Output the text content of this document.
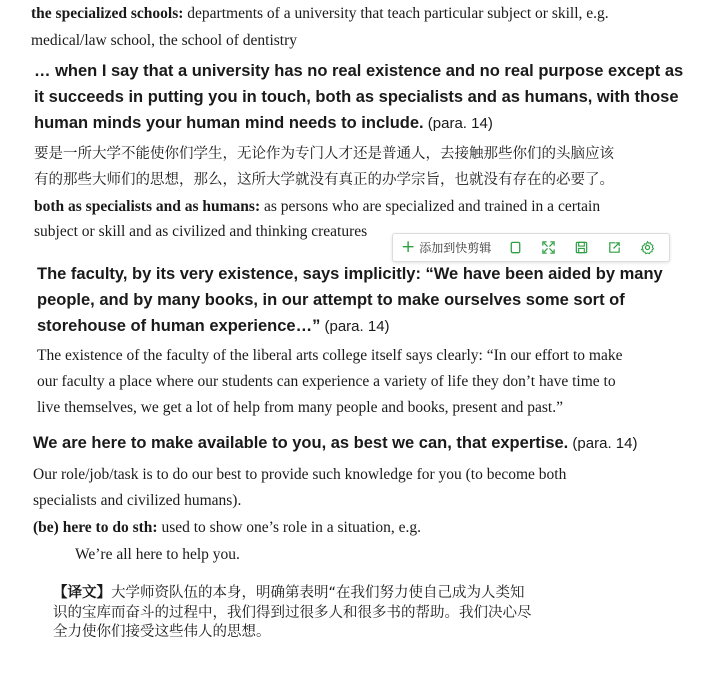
the specialized schools: departments of a university that teach particular subject or skill, e.g.
medical/law school, the school of dentistry
… when I say that a university has no real existence and no real purpose except as
it succeeds in putting you in touch, both as specialists and as humans, with those
human minds your human mind needs to include. (para. 14)
要是一所大学不能使你们学生，无论作为专门人才还是普通人，去接触那些你们的头脑应该
有的那些大师们的思想，那么，这所大学就没有真正的办学宗旨，也就没有存在的必要了。
both as specialists and as humans: as persons who are specialized and trained in a certain
subject or skill and as civilized and thinking creatures
+ 添加到快剪辑
The faculty, by its very existence, says implicitly: “We have been aided by many
people, and by many books, in our attempt to make ourselves some sort of
storehouse of human experience…” (para. 14)
The existence of the faculty of the liberal arts college itself says clearly: “In our effort to make
our faculty a place where our students can experience a variety of life they don’t have time to
live themselves, we get a lot of help from many people and books, present and past.”
We are here to make available to you, as best we can, that expertise. (para. 14)
Our role/job/task is to do our best to provide such knowledge for you (to become both
specialists and civilized humans).
(be) here to do sth: used to show one’s role in a situation, e.g.
We’re all here to help you.
【译文】大学师资队伍的本身，明确第表明“在我们努力使自己成为人类知
识的宝库而奋斗的过程中，我们得到过很多人和很多书的帮助。我们决心尽
全力使你们接受这些伟人的思想。
